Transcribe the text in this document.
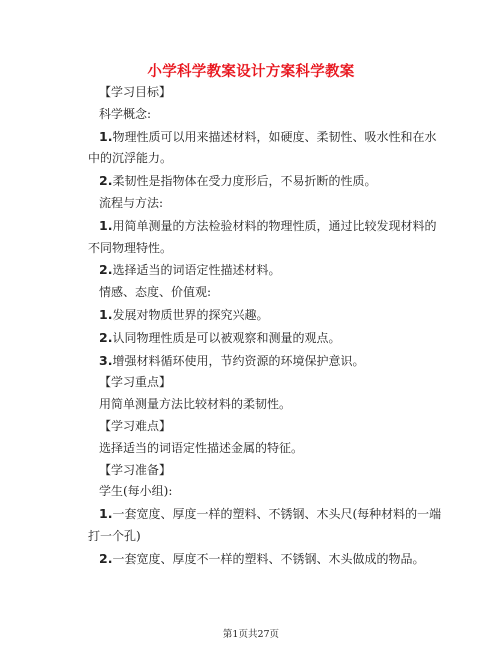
小学科学教案设计方案科学教案
【学习目标】
科学概念:
1.物理性质可以用来描述材料，如硬度、柔韧性、吸水性和在水
中的沉浮能力。
2.柔韧性是指物体在受力度形后，不易折断的性质。
流程与方法:
1.用简单测量的方法检验材料的物理性质，通过比较发现材料的
不同物理特性。
2.选择适当的词语定性描述材料。
情感、态度、价值观:
1.发展对物质世界的探究兴趣。
2.认同物理性质是可以被观察和测量的观点。
3.增强材料循环使用，节约资源的环境保护意识。
【学习重点】
用简单测量方法比较材料的柔韧性。
【学习难点】
选择适当的词语定性描述金属的特征。
【学习准备】
学生(每小组):
1.一套宽度、厚度一样的塑料、不锈钢、木头尺(每种材料的一端
打一个孔)
2.一套宽度、厚度不一样的塑料、不锈钢、木头做成的物品。
第1页共27页
